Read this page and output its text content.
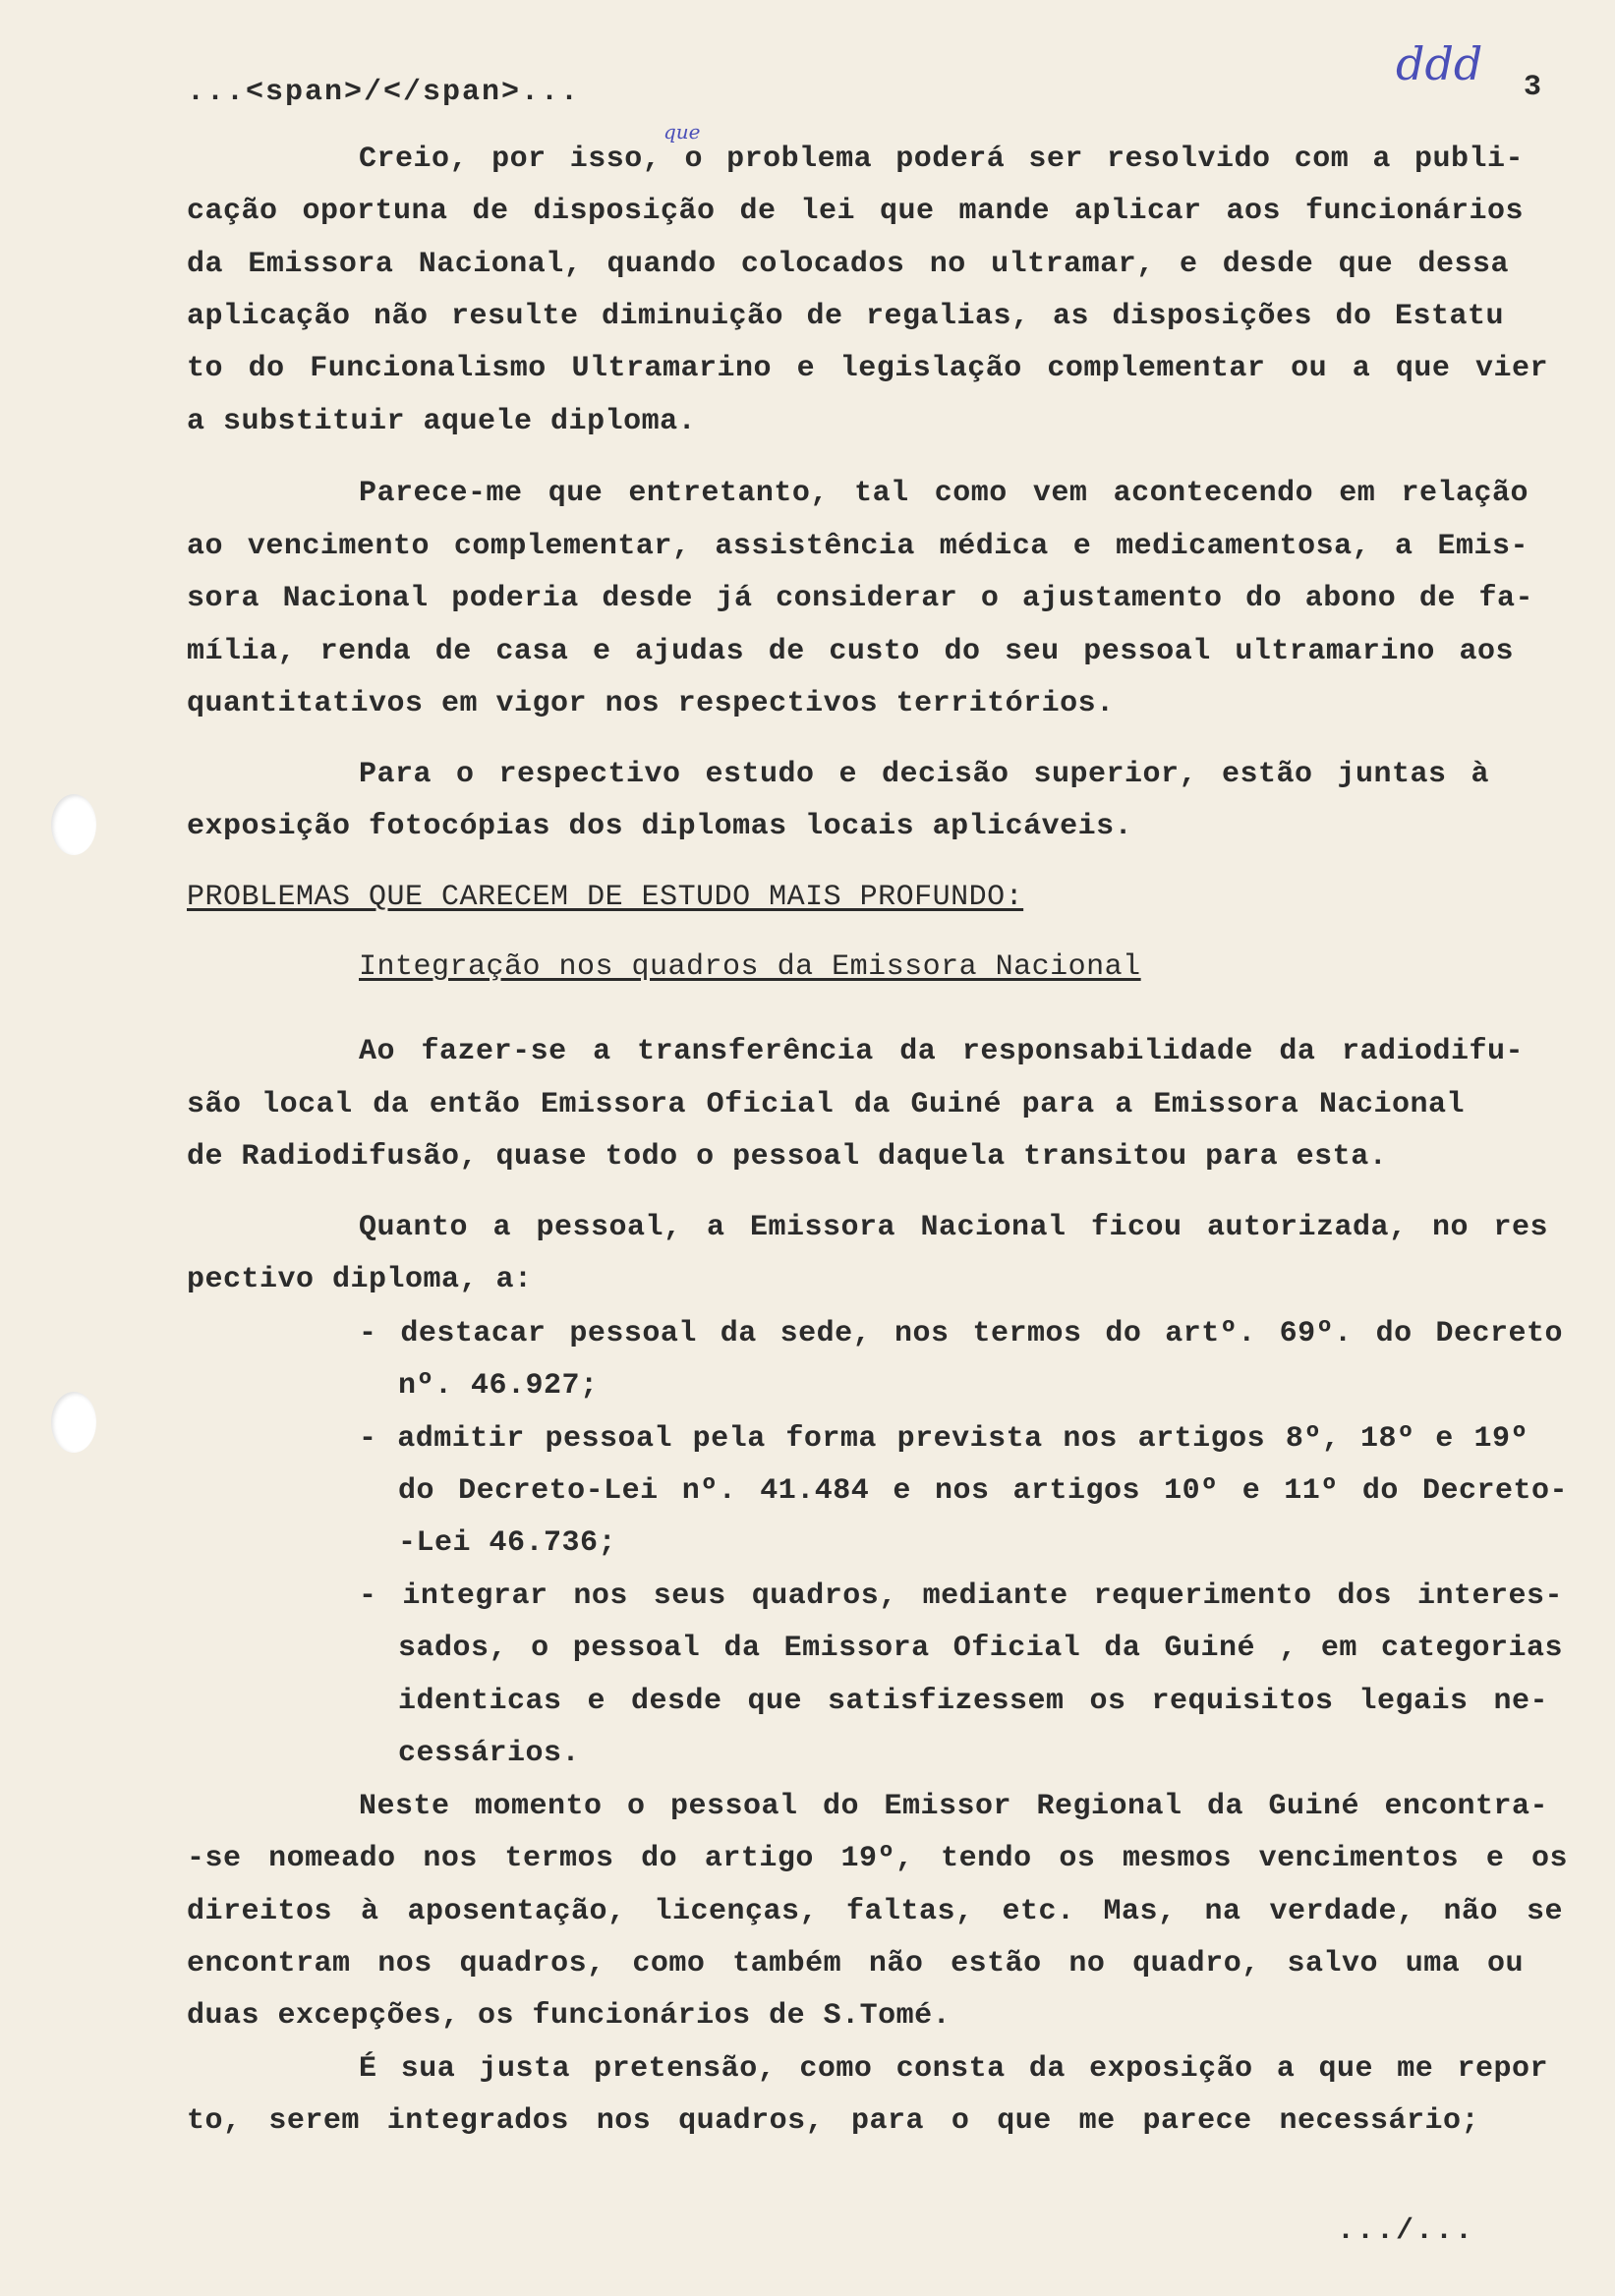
...<span>/</span>...	3
ddd
que
Creio, por isso, o problema poderá ser resolvido com a publi-
cação oportuna de disposição de lei que mande aplicar aos funcionários
da Emissora Nacional, quando colocados no ultramar, e desde que dessa
aplicação não resulte diminuição de regalias, as disposições do Estatu
to do Funcionalismo Ultramarino e legislação complementar ou a que vier
a substituir aquele diploma.
Parece-me que entretanto, tal como vem acontecendo em relação
ao vencimento complementar, assistência médica e medicamentosa, a Emis-
sora Nacional poderia desde já considerar o ajustamento do abono de fa-
mília, renda de casa e ajudas de custo do seu pessoal ultramarino aos
quantitativos em vigor nos respectivos territórios.
Para o respectivo estudo e decisão superior, estão juntas à
exposição fotocópias dos diplomas locais aplicáveis.
PROBLEMAS QUE CARECEM DE ESTUDO MAIS PROFUNDO:
Integração nos quadros da Emissora Nacional
Ao fazer-se a transferência da responsabilidade da radiodifu-
são local da então Emissora Oficial da Guiné para a Emissora Nacional
de Radiodifusão, quase todo o pessoal daquela transitou para esta.
Quanto a pessoal, a Emissora Nacional ficou autorizada, no res
pectivo diploma, a:
- destacar pessoal da sede, nos termos do artº. 69º. do Decreto
nº. 46.927;
- admitir pessoal pela forma prevista nos artigos 8º, 18º e 19º
do Decreto-Lei nº. 41.484 e nos artigos 10º e 11º do Decreto-
-Lei 46.736;
- integrar nos seus quadros, mediante requerimento dos interes-
sados, o pessoal da Emissora Oficial da Guiné , em categorias
identicas e desde que satisfizessem os requisitos legais ne-
cessários.
Neste momento o pessoal do Emissor Regional da Guiné encontra-
-se nomeado nos termos do artigo 19º, tendo os mesmos vencimentos e os
direitos à aposentação, licenças, faltas, etc. Mas, na verdade, não se
encontram nos quadros, como também não estão no quadro, salvo uma ou
duas excepções, os funcionários de S.Tomé.
É sua justa pretensão, como consta da exposição a que me repor
to, serem integrados nos quadros, para o que me parece necessário;
.../...
